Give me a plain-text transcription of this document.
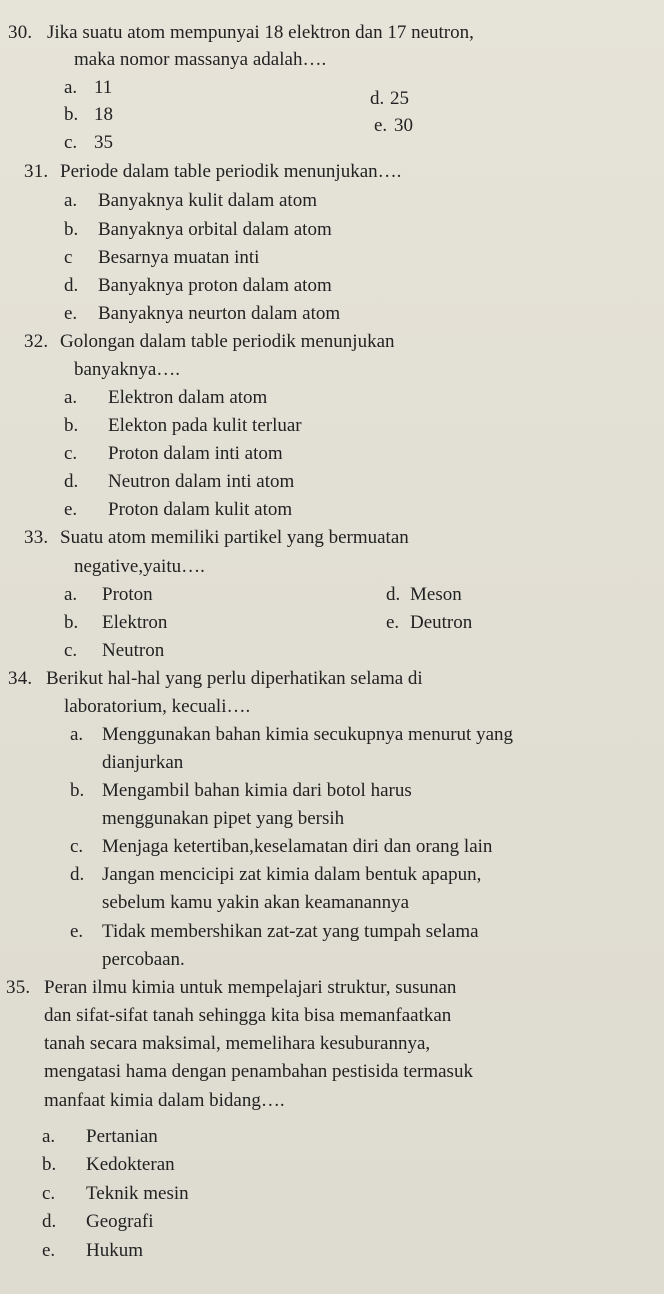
30. Jika suatu atom mempunyai 18 elektron dan 17 neutron,
maka nomor massanya adalah….
a. 11
b. 18
c. 35
d. 25
e. 30
31. Periode dalam table periodik menunjukan….
a. Banyaknya kulit dalam atom
b. Banyaknya orbital dalam atom
c Besarnya muatan inti
d. Banyaknya proton dalam atom
e. Banyaknya neurton dalam atom
32. Golongan dalam table periodik menunjukan
banyaknya….
a. Elektron dalam atom
b. Elekton pada kulit terluar
c. Proton dalam inti atom
d. Neutron dalam inti atom
e. Proton dalam kulit atom
33. Suatu atom memiliki partikel yang bermuatan
negative,yaitu….
a. Proton
b. Elektron
c. Neutron
d. Meson
e. Deutron
34. Berikut hal-hal yang perlu diperhatikan selama di
laboratorium, kecuali….
a. Menggunakan bahan kimia secukupnya menurut yang
dianjurkan
b. Mengambil bahan kimia dari botol harus
menggunakan pipet yang bersih
c. Menjaga ketertiban,keselamatan diri dan orang lain
d. Jangan mencicipi zat kimia dalam bentuk apapun,
sebelum kamu yakin akan keamanannya
e. Tidak membershikan zat-zat yang tumpah selama
percobaan.
35. Peran ilmu kimia untuk mempelajari struktur, susunan
dan sifat-sifat tanah sehingga kita bisa memanfaatkan
tanah secara maksimal, memelihara kesuburannya,
mengatasi hama dengan penambahan pestisida termasuk
manfaat kimia dalam bidang….
a. Pertanian
b. Kedokteran
c. Teknik mesin
d. Geografi
e. Hukum
